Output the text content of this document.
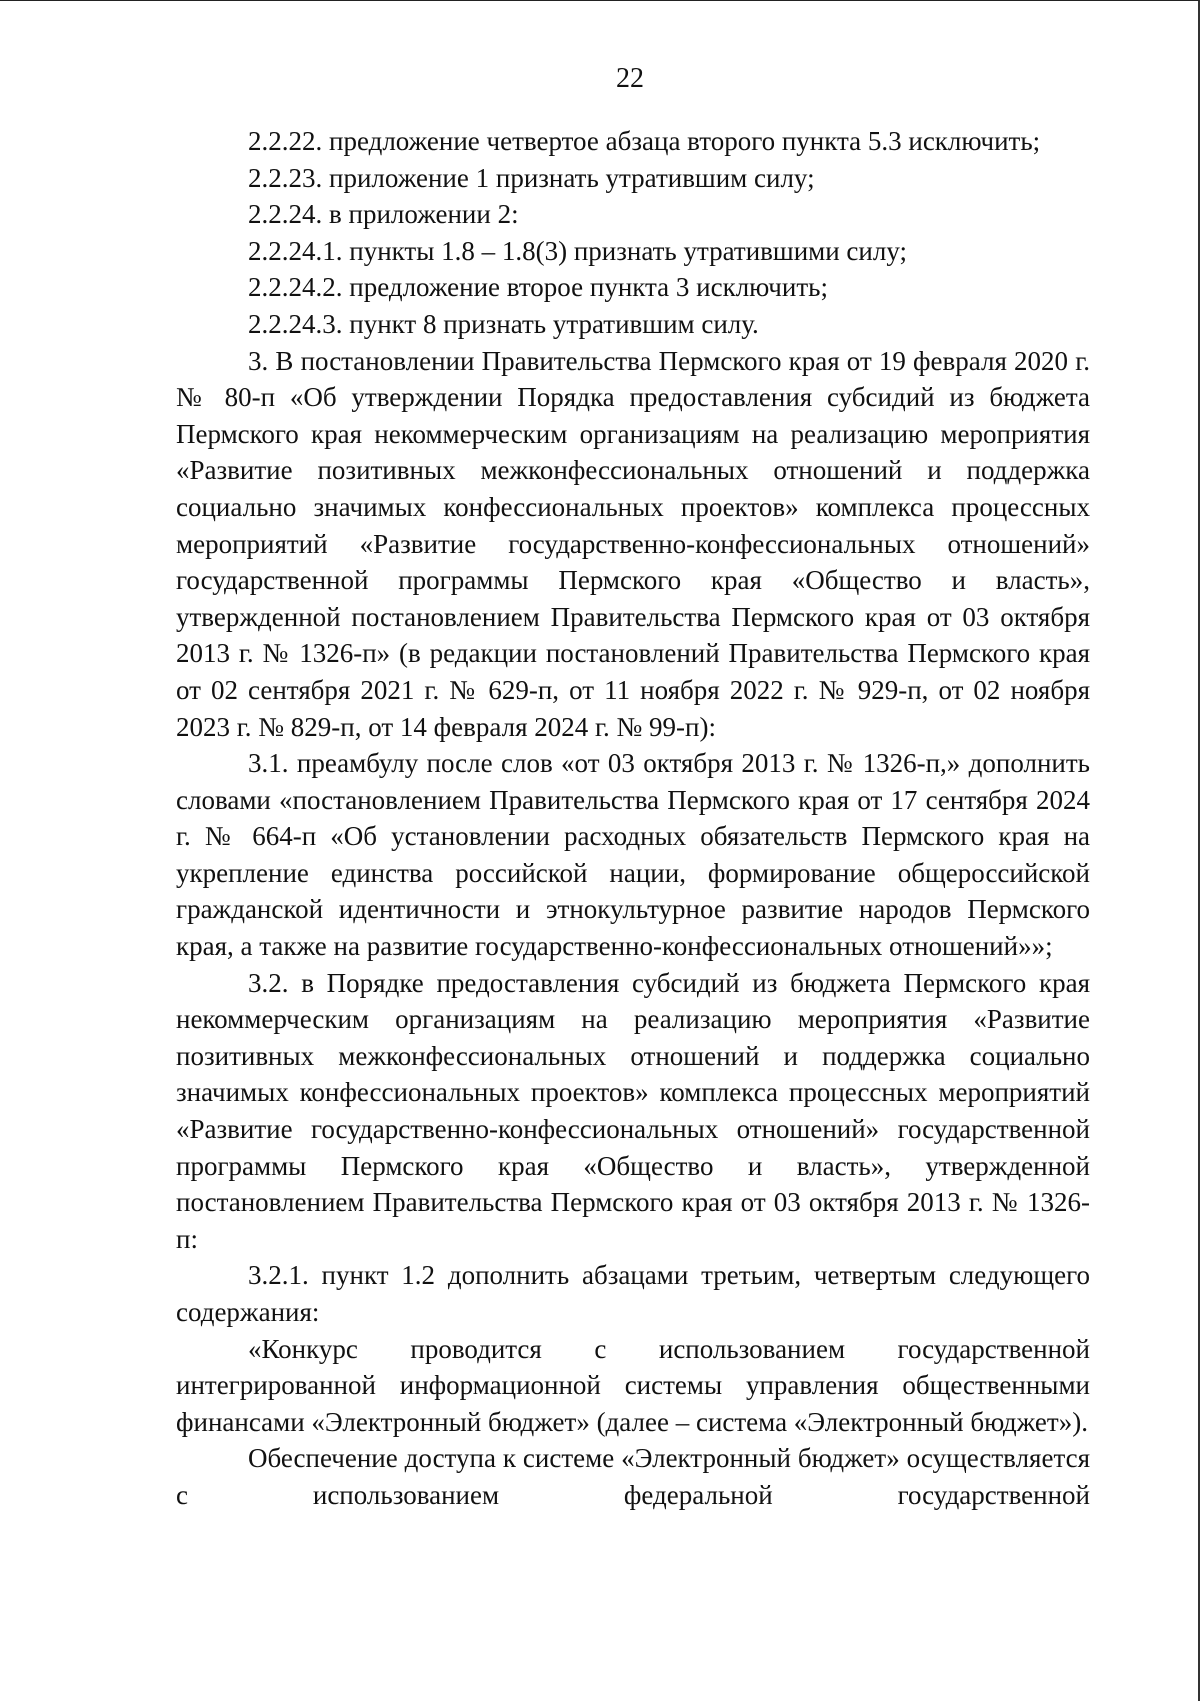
22

2.2.22. предложение четвертое абзаца второго пункта 5.3 исключить;

2.2.23. приложение 1 признать утратившим силу;

2.2.24. в приложении 2:

2.2.24.1. пункты 1.8 – 1.8(3) признать утратившими силу;

2.2.24.2. предложение второе пункта 3 исключить;

2.2.24.3. пункт 8 признать утратившим силу.

3. В постановлении Правительства Пермского края от 19 февраля 2020 г. № 80-п «Об утверждении Порядка предоставления субсидий из бюджета Пермского края некоммерческим организациям на реализацию мероприятия «Развитие позитивных межконфессиональных отношений и поддержка социально значимых конфессиональных проектов» комплекса процессных мероприятий «Развитие государственно-конфессиональных отношений» государственной программы Пермского края «Общество и власть», утвержденной постановлением Правительства Пермского края от 03 октября 2013 г. № 1326-п» (в редакции постановлений Правительства Пермского края от 02 сентября 2021 г. № 629-п, от 11 ноября 2022 г. № 929-п, от 02 ноября 2023 г. № 829-п, от 14 февраля 2024 г. № 99-п):

3.1. преамбулу после слов «от 03 октября 2013 г. № 1326-п,» дополнить словами «постановлением Правительства Пермского края от 17 сентября 2024 г. № 664-п «Об установлении расходных обязательств Пермского края на укрепление единства российской нации, формирование общероссийской гражданской идентичности и этнокультурное развитие народов Пермского края, а также на развитие государственно-конфессиональных отношений»»;

3.2. в Порядке предоставления субсидий из бюджета Пермского края некоммерческим организациям на реализацию мероприятия «Развитие позитивных межконфессиональных отношений и поддержка социально значимых конфессиональных проектов» комплекса процессных мероприятий «Развитие государственно-конфессиональных отношений» государственной программы Пермского края «Общество и власть», утвержденной постановлением Правительства Пермского края от 03 октября 2013 г. № 1326-п:

3.2.1. пункт 1.2 дополнить абзацами третьим, четвертым следующего содержания:

«Конкурс проводится с использованием государственной интегрированной информационной системы управления общественными финансами «Электронный бюджет» (далее – система «Электронный бюджет»).

Обеспечение доступа к системе «Электронный бюджет» осуществляется с использованием федеральной государственной
